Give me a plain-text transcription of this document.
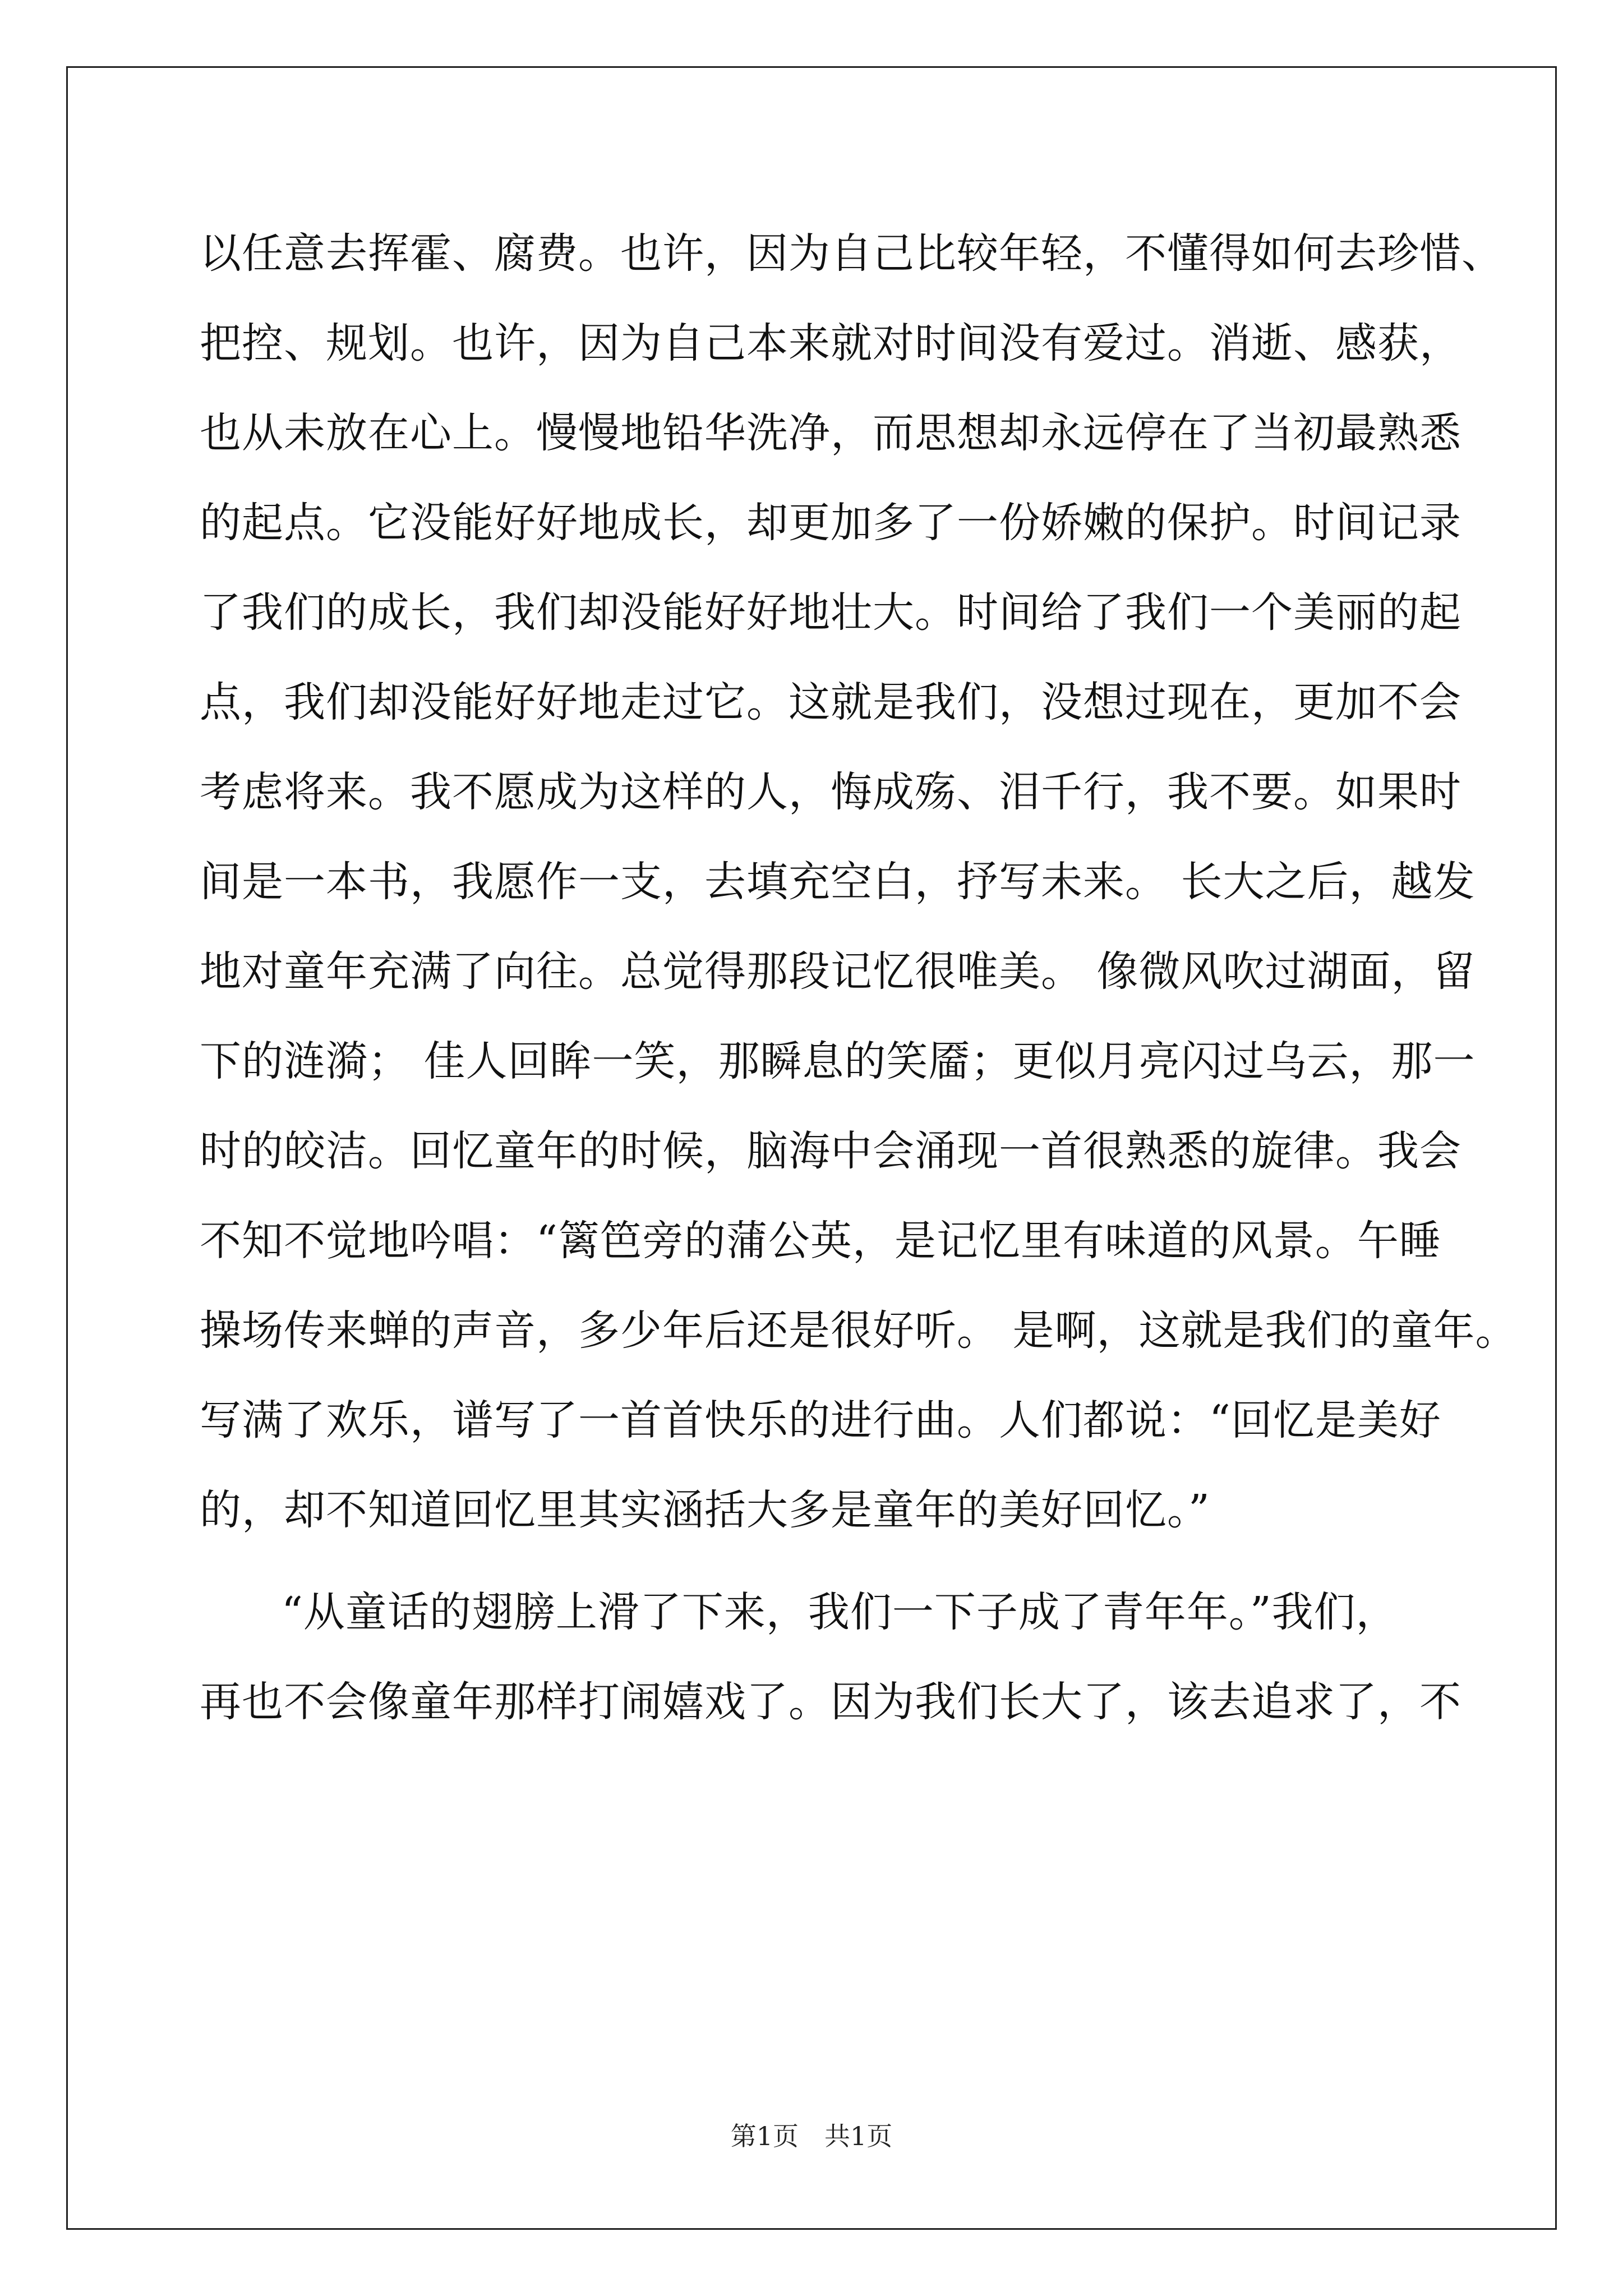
以任意去挥霍、腐费。也许，因为自己比较年轻，不懂得如何去珍惜、
把控、规划。也许，因为自己本来就对时间没有爱过。消逝、感获，
也从未放在心上。慢慢地铅华洗净，而思想却永远停在了当初最熟悉
的起点。它没能好好地成长，却更加多了一份娇嫩的保护。时间记录
了我们的成长，我们却没能好好地壮大。时间给了我们一个美丽的起
点，我们却没能好好地走过它。这就是我们，没想过现在，更加不会
考虑将来。我不愿成为这样的人，悔成殇、泪千行，我不要。如果时
间是一本书，我愿作一支，去填充空白，抒写未来。 长大之后，越发
地对童年充满了向往。总觉得那段记忆很唯美。 像微风吹过湖面，留
下的涟漪； 佳人回眸一笑，那瞬息的笑靥；更似月亮闪过乌云，那一
时的皎洁。回忆童年的时候，脑海中会涌现一首很熟悉的旋律。我会
不知不觉地吟唱：“篱笆旁的蒲公英，是记忆里有味道的风景。午睡
操场传来蝉的声音，多少年后还是很好听。 是啊，这就是我们的童年。
写满了欢乐，谱写了一首首快乐的进行曲。人们都说：“回忆是美好
的，却不知道回忆里其实涵括大多是童年的美好回忆。”
“从童话的翅膀上滑了下来，我们一下子成了青年年。”我们，
再也不会像童年那样打闹嬉戏了。因为我们长大了，该去追求了，不
第1页　共1页
